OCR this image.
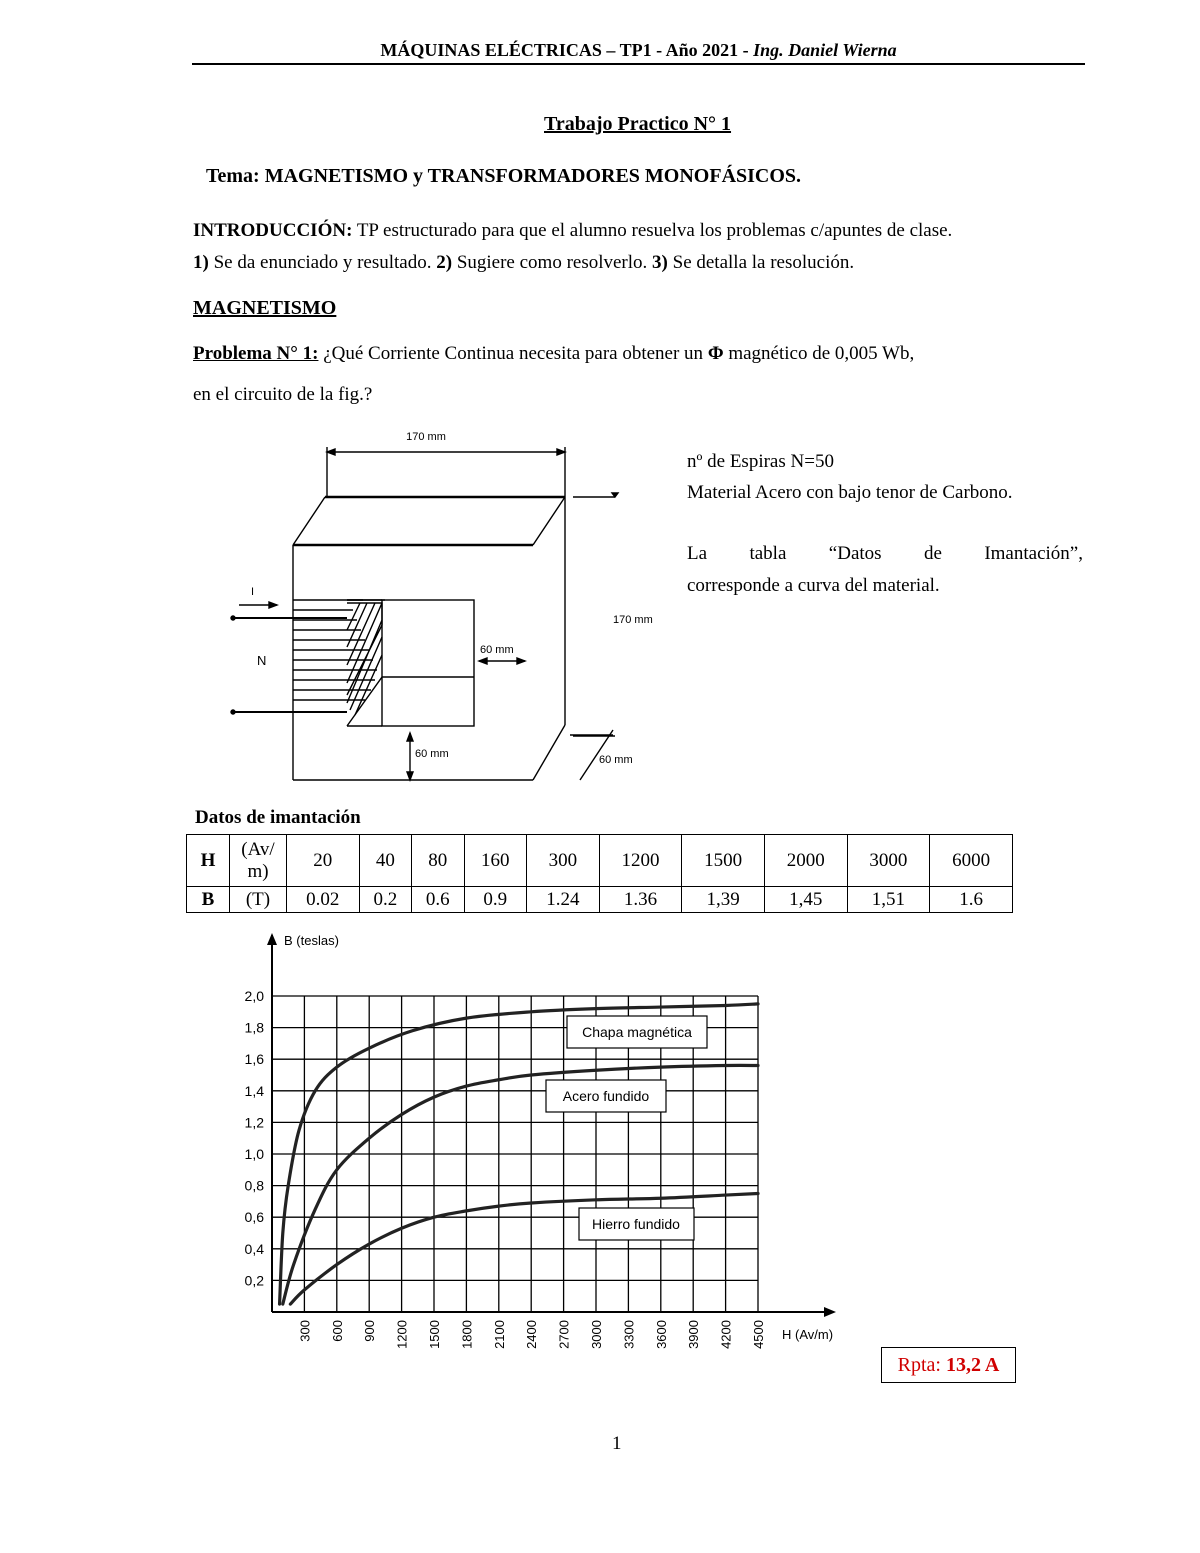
MÁQUINAS ELÉCTRICAS – TP1 - Año 2021 - Ing. Daniel Wierna
Trabajo Practico N° 1
Tema: MAGNETISMO y TRANSFORMADORES MONOFÁSICOS.
INTRODUCCIÓN: TP estructurado para que el alumno resuelva los problemas c/apuntes de clase.
1) Se da enunciado y resultado. 2) Sugiere como resolverlo. 3) Se detalla la resolución.
MAGNETISMO
Problema N° 1: ¿Qué Corriente Continua necesita para obtener un Φ magnético de 0,005 Wb,
en el circuito de la fig.?
170 mm
170 mm
60 mm
60 mm	60 mm
I
N
nº de Espiras N=50
Material Acero con bajo tenor de Carbono.
La tabla “Datos de Imantación”,
corresponde a curva del material.
Datos de imantación
H	(Av/ m)	20	40	80	160	300	1200	1500	2000	3000	6000
B	(T)	0.02	0.2	0.6	0.9	1.24	1.36	1,39	1,45	1,51	1.6
0,2
0,4
0,6
0,8
1,0
1,2
1,4
1,6
1,8
2,0
300 600 900 1200 1500 1800 2100 2400 2700 3000 3300 3600 3900 4200 4500
B (teslas)
H (Av/m)
Chapa magnética
Acero fundido
Hierro fundido
Rpta: 13,2 A
1
